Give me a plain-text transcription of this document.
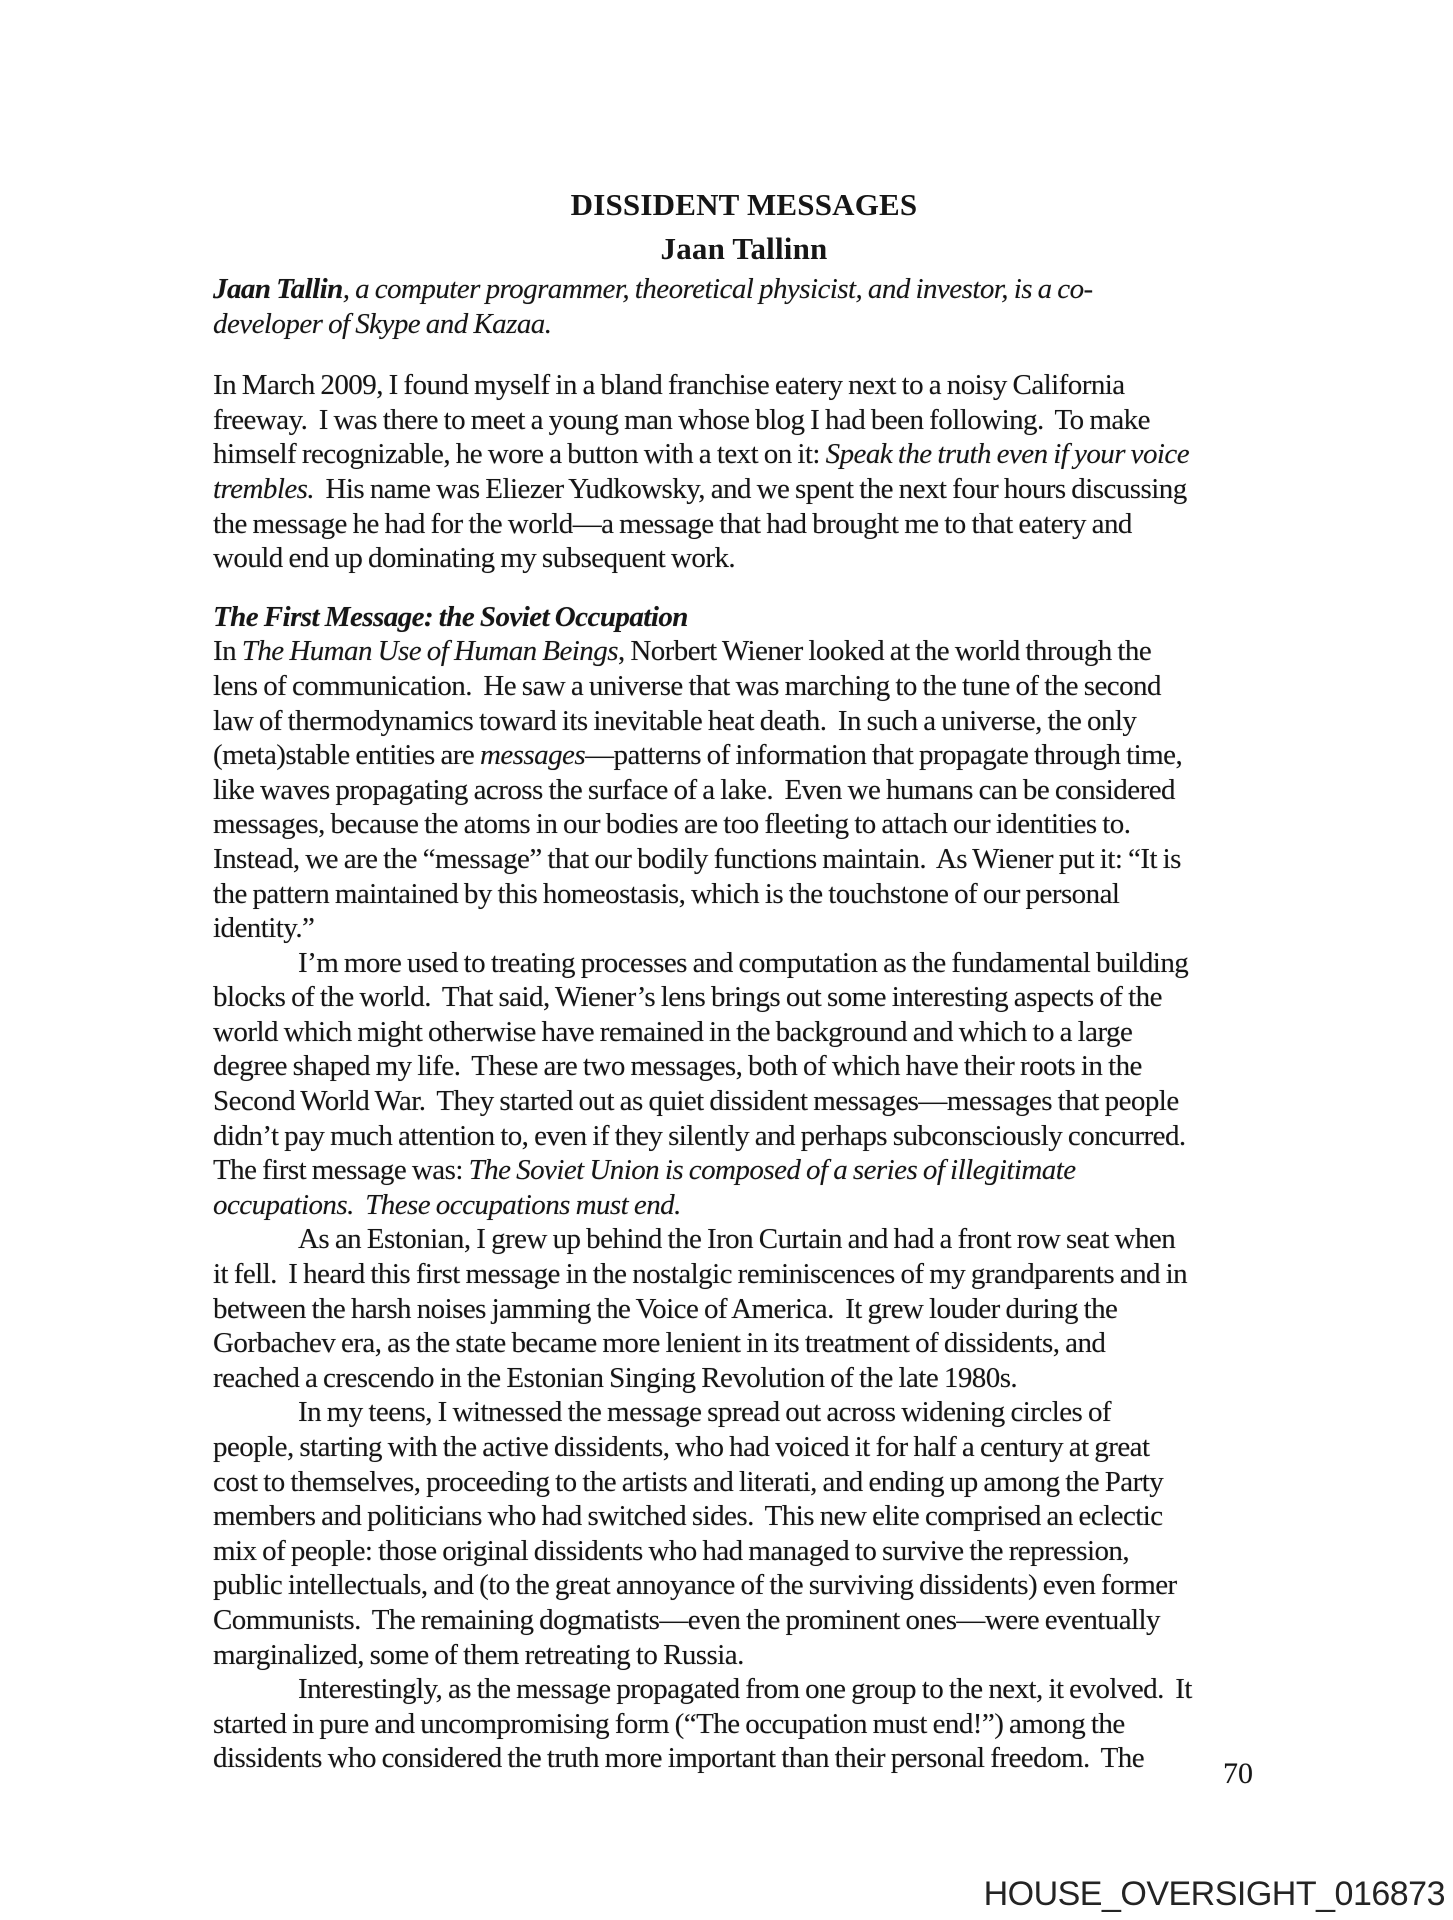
DISSIDENT MESSAGES
Jaan Tallinn
Jaan Tallin, a computer programmer, theoretical physicist, and investor, is a co-
developer of Skype and Kazaa.
In March 2009, I found myself in a bland franchise eatery next to a noisy California
freeway.  I was there to meet a young man whose blog I had been following.  To make
himself recognizable, he wore a button with a text on it: Speak the truth even if your voice
trembles.  His name was Eliezer Yudkowsky, and we spent the next four hours discussing
the message he had for the world—a message that had brought me to that eatery and
would end up dominating my subsequent work.
The First Message: the Soviet Occupation
In The Human Use of Human Beings, Norbert Wiener looked at the world through the
lens of communication.  He saw a universe that was marching to the tune of the second
law of thermodynamics toward its inevitable heat death.  In such a universe, the only
(meta)stable entities are messages—patterns of information that propagate through time,
like waves propagating across the surface of a lake.  Even we humans can be considered
messages, because the atoms in our bodies are too fleeting to attach our identities to.
Instead, we are the “message” that our bodily functions maintain.  As Wiener put it: “It is
the pattern maintained by this homeostasis, which is the touchstone of our personal
identity.”
I’m more used to treating processes and computation as the fundamental building
blocks of the world.  That said, Wiener’s lens brings out some interesting aspects of the
world which might otherwise have remained in the background and which to a large
degree shaped my life.  These are two messages, both of which have their roots in the
Second World War.  They started out as quiet dissident messages—messages that people
didn’t pay much attention to, even if they silently and perhaps subconsciously concurred.
The first message was: The Soviet Union is composed of a series of illegitimate
occupations.  These occupations must end.
As an Estonian, I grew up behind the Iron Curtain and had a front row seat when
it fell.  I heard this first message in the nostalgic reminiscences of my grandparents and in
between the harsh noises jamming the Voice of America.  It grew louder during the
Gorbachev era, as the state became more lenient in its treatment of dissidents, and
reached a crescendo in the Estonian Singing Revolution of the late 1980s.
In my teens, I witnessed the message spread out across widening circles of
people, starting with the active dissidents, who had voiced it for half a century at great
cost to themselves, proceeding to the artists and literati, and ending up among the Party
members and politicians who had switched sides.  This new elite comprised an eclectic
mix of people: those original dissidents who had managed to survive the repression,
public intellectuals, and (to the great annoyance of the surviving dissidents) even former
Communists.  The remaining dogmatists—even the prominent ones—were eventually
marginalized, some of them retreating to Russia.
Interestingly, as the message propagated from one group to the next, it evolved.  It
started in pure and uncompromising form (“The occupation must end!”) among the
dissidents who considered the truth more important than their personal freedom.  The	70
HOUSE_OVERSIGHT_016873
